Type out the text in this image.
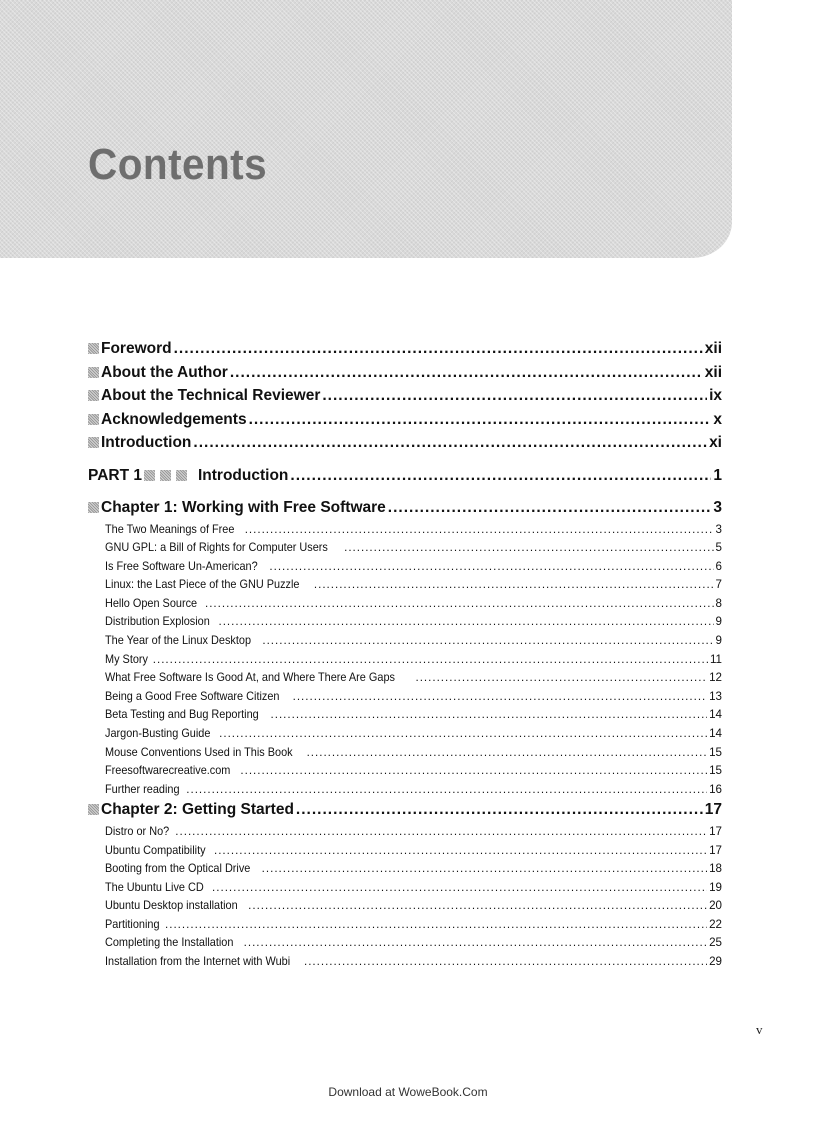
Contents
Foreword .....	xii
About the Author .....	xii
About the Technical Reviewer .....	ix
Acknowledgements .....	x
Introduction .....	xi
PART 1	Introduction .....	1
Chapter 1: Working with Free Software .....	3
The Two Meanings of Free .....	3
GNU GPL: a Bill of Rights for Computer Users .....	5
Is Free Software Un-American? .....	6
Linux: the Last Piece of the GNU Puzzle .....	7
Hello Open Source .....	8
Distribution Explosion .....	9
The Year of the Linux Desktop .....	9
My Story .....	11
What Free Software Is Good At, and Where There Are Gaps .....	12
Being a Good Free Software Citizen .....	13
Beta Testing and Bug Reporting .....	14
Jargon-Busting Guide .....	14
Mouse Conventions Used in This Book .....	15
Freesoftwarecreative.com .....	15
Further reading .....	16
Chapter 2: Getting Started .....	17
Distro or No? .....	17
Ubuntu Compatibility .....	17
Booting from the Optical Drive .....	18
The Ubuntu Live CD .....	19
Ubuntu Desktop installation .....	20
Partitioning .....	22
Completing the Installation .....	25
Installation from the Internet with Wubi .....	29
v
Download at WoweBook.Com
